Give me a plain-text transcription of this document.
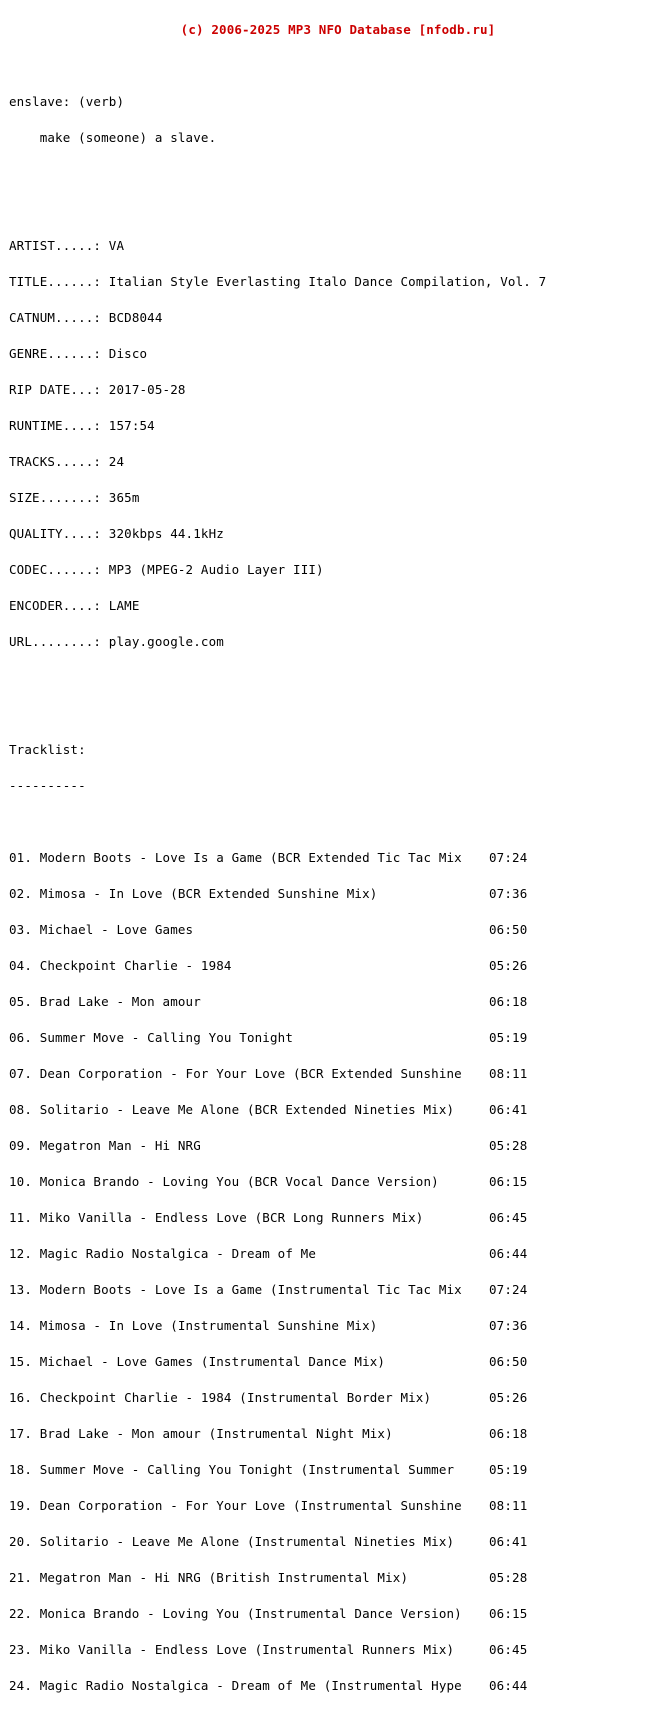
(c) 2006-2025 MP3 NFO Database [nfodb.ru]

enslave: (verb)

make (someone) a slave.

ARTIST.....: VA

TITLE......: Italian Style Everlasting Italo Dance Compilation, Vol. 7

CATNUM.....: BCD8044

GENRE......: Disco

RIP DATE...: 2017-05-28

RUNTIME....: 157:54

TRACKS.....: 24

SIZE.......: 365m

QUALITY....: 320kbps 44.1kHz

CODEC......: MP3 (MPEG-2 Audio Layer III)

ENCODER....: LAME

URL........: play.google.com

Tracklist:

----------

01. Modern Boots - Love Is a Game (BCR Extended Tic Tac Mix	07:24

02. Mimosa - In Love (BCR Extended Sunshine Mix)	07:36

03. Michael - Love Games	06:50

04. Checkpoint Charlie - 1984	05:26

05. Brad Lake - Mon amour	06:18

06. Summer Move - Calling You Tonight	05:19

07. Dean Corporation - For Your Love (BCR Extended Sunshine	08:11

08. Solitario - Leave Me Alone (BCR Extended Nineties Mix)	06:41

09. Megatron Man - Hi NRG	05:28

10. Monica Brando - Loving You (BCR Vocal Dance Version)	06:15

11. Miko Vanilla - Endless Love (BCR Long Runners Mix)	06:45

12. Magic Radio Nostalgica - Dream of Me	06:44

13. Modern Boots - Love Is a Game (Instrumental Tic Tac Mix	07:24

14. Mimosa - In Love (Instrumental Sunshine Mix)	07:36

15. Michael - Love Games (Instrumental Dance Mix)	06:50

16. Checkpoint Charlie - 1984 (Instrumental Border Mix)	05:26

17. Brad Lake - Mon amour (Instrumental Night Mix)	06:18

18. Summer Move - Calling You Tonight (Instrumental Summer	05:19

19. Dean Corporation - For Your Love (Instrumental Sunshine	08:11

20. Solitario - Leave Me Alone (Instrumental Nineties Mix)	06:41

21. Megatron Man - Hi NRG (British Instrumental Mix)	05:28

22. Monica Brando - Loving You (Instrumental Dance Version)	06:15

23. Miko Vanilla - Endless Love (Instrumental Runners Mix)	06:45

24. Magic Radio Nostalgica - Dream of Me (Instrumental Hype	06:44
